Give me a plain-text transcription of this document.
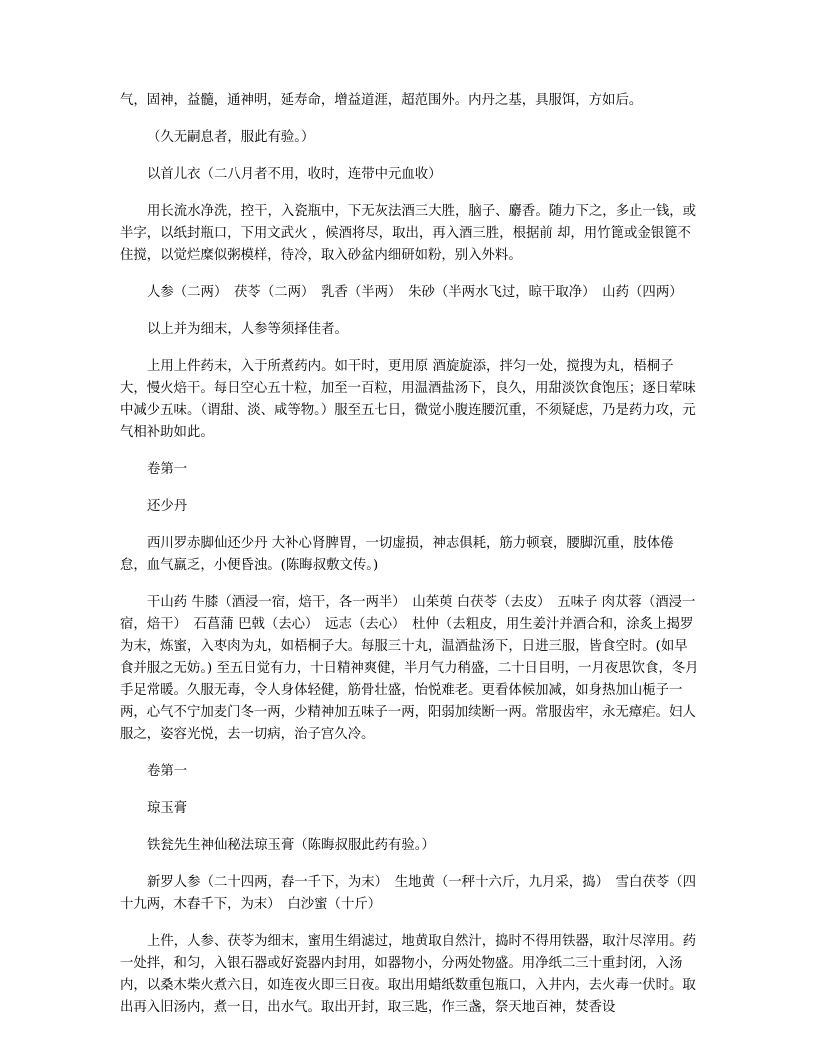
气，固神，益髓，通神明，延寿命，增益道涯，超范围外。内丹之基，具服饵，方如后。
（久无嗣息者，服此有验。）
以首儿衣（二八月者不用，收时，连带中元血收）
用长流水净洗，控干，入瓷瓶中，下无灰法酒三大胜，脑子、麝香。随力下之，多止一钱，或半字，以纸封瓶口，下用文武火 ，候酒将尽，取出，再入酒三胜，根据前 却，用竹篦或金银篦不住搅，以觉烂糜似粥模样，待冷，取入砂盆内细研如粉，别入外料。
人参（二两）　茯苓（二两）　乳香（半两）　朱砂（半两水飞过，晾干取净）　山药（四两）
以上并为细末，人参等须择佳者。
上用上件药末，入于所煮药内。如干时，更用原 酒旋旋添，拌匀一处，搅搜为丸，梧桐子大，慢火焙干。每日空心五十粒，加至一百粒，用温酒盐汤下，良久，用甜淡饮食饱压；逐日荤味中减少五味。（谓甜、淡、咸等物。）服至五七日，微觉小腹连腰沉重，不须疑虑，乃是药力攻，元气相补助如此。
卷第一
还少丹
西川罗赤脚仙还少丹 大补心肾脾胃，一切虚损，神志俱耗，筋力顿衰，腰脚沉重，肢体倦怠，血气羸乏，小便昏浊。(陈晦叔敷文传。)
干山药 牛膝（酒浸一宿，焙干，各一两半）　山茱萸 白茯苓（去皮）　五味子 肉苁蓉（酒浸一宿，焙干）　石菖蒲 巴戟（去心）　远志（去心）　杜仲（去粗皮，用生姜汁并酒合和，涂炙上揭罗为末，炼蜜，入枣肉为丸，如梧桐子大。每服三十丸，温酒盐汤下，日进三服，皆食空时。(如早食并服之无妨。) 至五日觉有力，十日精神爽健，半月气力稍盛，二十日目明，一月夜思饮食，冬月手足常暖。久服无毒，令人身体轻健，筋骨壮盛，怡悦难老。更看体候加减，如身热加山栀子一两，心气不宁加麦门冬一两，少精神加五味子一两，阳弱加续断一两。常服齿牢，永无瘴疟。妇人服之，姿容光悦，去一切病，治子宫久冷。
卷第一
琼玉膏
铁瓮先生神仙秘法琼玉膏（陈晦叔服此药有验。）
新罗人参（二十四两，舂一千下，为末）　生地黄（一秤十六斤，九月采，捣）　雪白茯苓（四十九两，木舂千下，为末）　白沙蜜（十斤）
上件，人参、茯苓为细末，蜜用生绢滤过，地黄取自然汁，捣时不得用铁器，取汁尽滓用。药一处拌，和匀，入银石器或好瓷器内封用，如器物小，分两处物盛。用净纸二三十重封闭，入汤内，以桑木柴火煮六日，如连夜火即三日夜。取出用蜡纸数重包瓶口，入井内，去火毒一伏时。取出再入旧汤内，煮一日，出水气。取出开封，取三匙，作三盏，祭天地百神，焚香设
